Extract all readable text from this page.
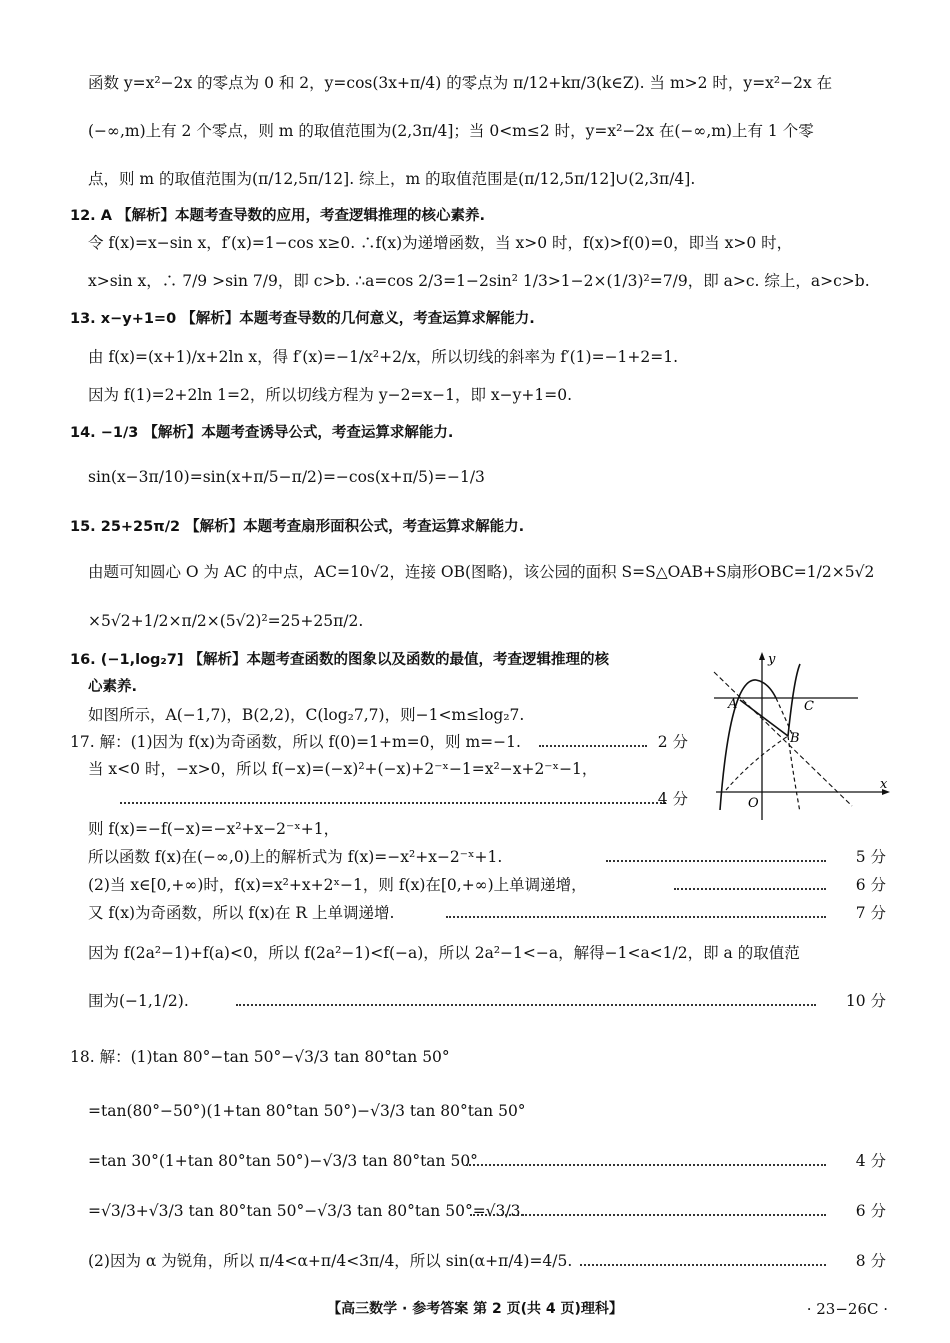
函数 y=x²−2x 的零点为 0 和 2，y=cos(3x+π/4) 的零点为 π/12+kπ/3(k∈Z). 当 m>2 时，y=x²−2x 在
(−∞,m)上有 2 个零点，则 m 的取值范围为(2,3π/4]；当 0<m≤2 时，y=x²−2x 在(−∞,m)上有 1 个零
点，则 m 的取值范围为(π/12,5π/12]. 综上，m 的取值范围是(π/12,5π/12]∪(2,3π/4].
12. A 【解析】本题考查导数的应用，考查逻辑推理的核心素养.
令 f(x)=x−sin x，f′(x)=1−cos x≥0. ∴f(x)为递增函数，当 x>0 时，f(x)>f(0)=0，即当 x>0 时，
x>sin x，∴ 7/9 >sin 7/9，即 c>b. ∴a=cos 2/3=1−2sin² 1/3>1−2×(1/3)²=7/9，即 a>c. 综上，a>c>b.
13. x−y+1=0 【解析】本题考查导数的几何意义，考查运算求解能力.
由 f(x)=(x+1)/x+2ln x，得 f′(x)=−1/x²+2/x，所以切线的斜率为 f′(1)=−1+2=1.
因为 f(1)=2+2ln 1=2，所以切线方程为 y−2=x−1，即 x−y+1=0.
14. −1/3 【解析】本题考查诱导公式，考查运算求解能力.
sin(x−3π/10)=sin(x+π/5−π/2)=−cos(x+π/5)=−1/3
15. 25+25π/2 【解析】本题考查扇形面积公式，考查运算求解能力.
由题可知圆心 O 为 AC 的中点，AC=10√2，连接 OB(图略)，该公园的面积 S=S△OAB+S扇形OBC=1/2×5√2
×5√2+1/2×π/2×(5√2)²=25+25π/2.
16. (−1,log₂7] 【解析】本题考查函数的图象以及函数的最值，考查逻辑推理的核
心素养.
如图所示，A(−1,7)，B(2,2)，C(log₂7,7)，则−1<m≤log₂7.
y
x
O
A
B
C
17. 解：(1)因为 f(x)为奇函数，所以 f(0)=1+m=0，则 m=−1.	2 分
当 x<0 时，−x>0，所以 f(−x)=(−x)²+(−x)+2⁻ˣ−1=x²−x+2⁻ˣ−1，
4 分
则 f(x)=−f(−x)=−x²+x−2⁻ˣ+1，
所以函数 f(x)在(−∞,0)上的解析式为 f(x)=−x²+x−2⁻ˣ+1.	5 分
(2)当 x∈[0,+∞)时，f(x)=x²+x+2ˣ−1，则 f(x)在[0,+∞)上单调递增，	6 分
又 f(x)为奇函数，所以 f(x)在 R 上单调递增.	7 分
因为 f(2a²−1)+f(a)<0，所以 f(2a²−1)<f(−a)，所以 2a²−1<−a，解得−1<a<1/2，即 a 的取值范
围为(−1,1/2).	10 分
18. 解：(1)tan 80°−tan 50°−√3/3 tan 80°tan 50°
=tan(80°−50°)(1+tan 80°tan 50°)−√3/3 tan 80°tan 50°
=tan 30°(1+tan 80°tan 50°)−√3/3 tan 80°tan 50°	4 分
=√3/3+√3/3 tan 80°tan 50°−√3/3 tan 80°tan 50°=√3/3.	6 分
(2)因为 α 为锐角，所以 π/4<α+π/4<3π/4，所以 sin(α+π/4)=4/5.	8 分
【高三数学 · 参考答案 第 2 页(共 4 页)理科】	· 23−26C ·
